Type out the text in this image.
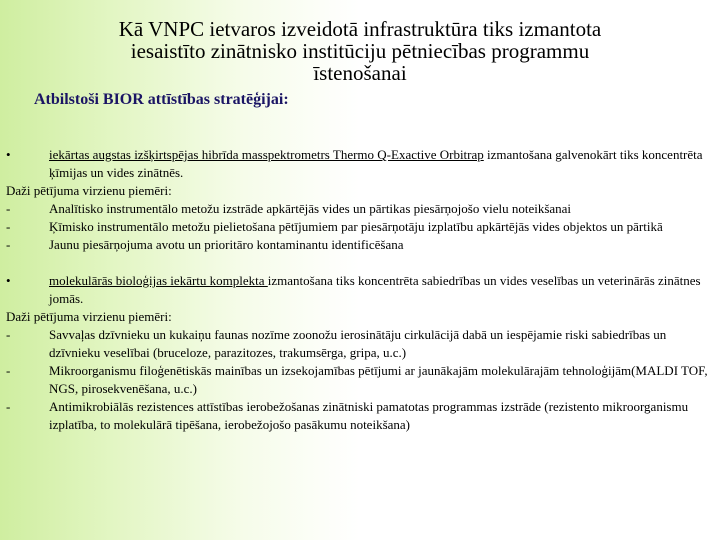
Kā VNPC ietvaros izveidotā infrastruktūra tiks izmantota
iesaistīto zinātnisko institūciju pētniecības programmu
īstenošanai
Atbilstoši BIOR attīstības stratēģijai:
•	iekārtas augstas izšķirtspējas hibrīda masspektrometrs Thermo Q-Exactive Orbitrap izmantošana galvenokārt tiks koncentrēta ķīmijas un vides zinātnēs.
Daži pētījuma virzienu piemēri:
-	Analītisko instrumentālo metožu izstrāde apkārtējās vides un pārtikas piesārņojošo vielu noteikšanai
-	Ķīmisko instrumentālo metožu pielietošana pētījumiem par piesārņotāju izplatību apkārtējās vides objektos un pārtikā
-	Jaunu piesārņojuma avotu un prioritāro kontaminantu identificēšana
•	molekulārās bioloģijas iekārtu komplekta izmantošana tiks koncentrēta sabiedrības un vides veselības un veterinārās zinātnes jomās.
Daži pētījuma virzienu piemēri:
-	Savvaļas dzīvnieku un kukaiņu faunas nozīme zoonožu ierosinātāju cirkulācijā dabā un iespējamie riski sabiedrības un dzīvnieku veselībai (bruceloze, parazitozes, trakumsērga, gripa, u.c.)
-	Mikroorganismu filoģenētiskās mainības un izsekojamības pētījumi ar jaunākajām molekulārajām tehnoloģijām(MALDI TOF, NGS, pirosekvenēšana, u.c.)
-	Antimikrobiālās rezistences attīstības ierobežošanas zinātniski pamatotas programmas izstrāde (rezistento mikroorganismu izplatība, to molekulārā tipēšana, ierobežojošo pasākumu noteikšana)
